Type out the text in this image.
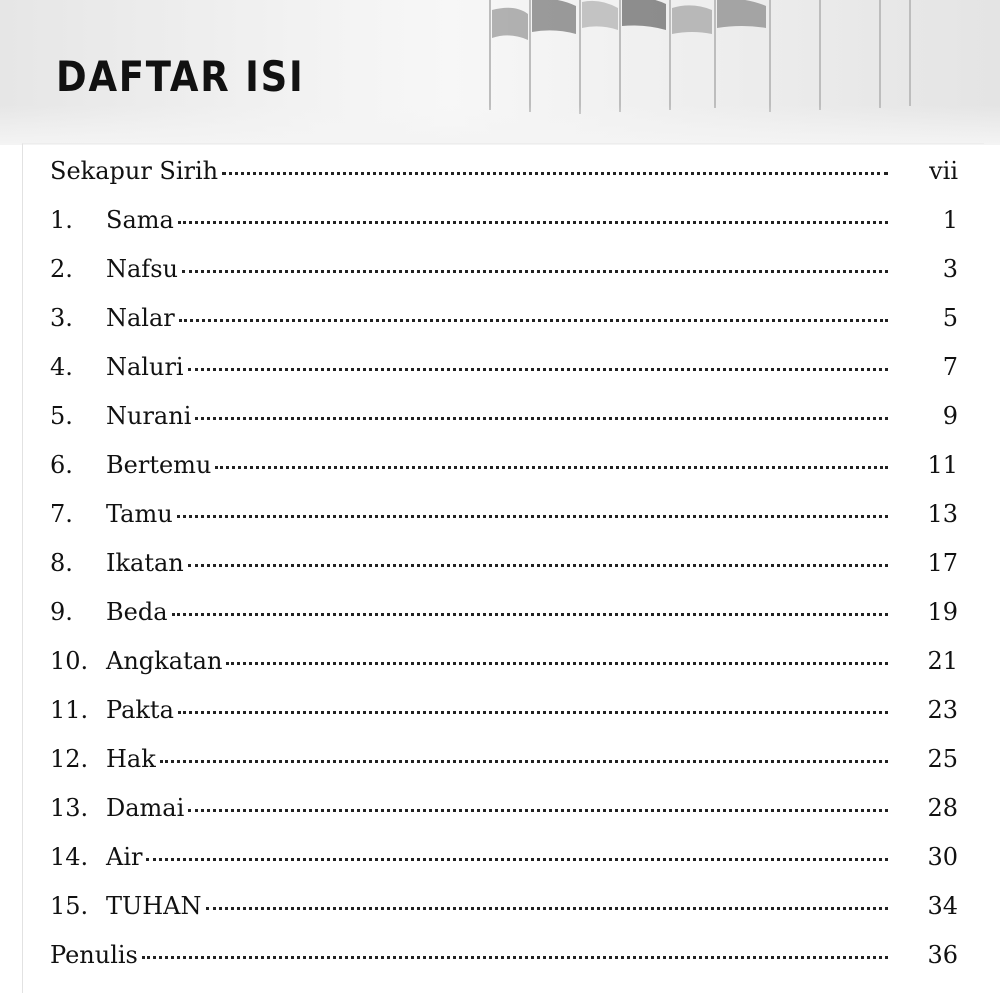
DAFTAR ISI
Sekapur Sirih	vii
1.	Sama	1
2.	Nafsu	3
3.	Nalar	5
4.	Naluri	7
5.	Nurani	9
6.	Bertemu	11
7.	Tamu	13
8.	Ikatan	17
9.	Beda	19
10. Angkatan	21
11. Pakta	23
12. Hak	25
13. Damai	28
14. Air	30
15. TUHAN	34
Penulis	36
